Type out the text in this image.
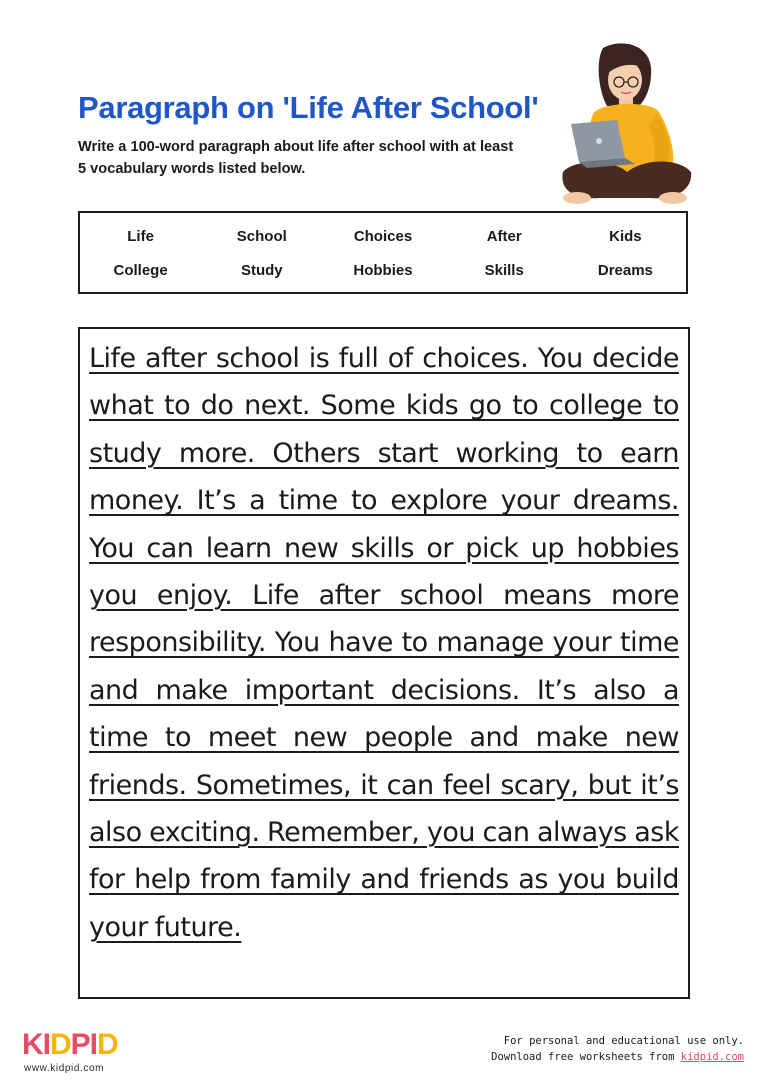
Paragraph on 'Life After School'

Write a 100-word paragraph about life after school with at least 5 vocabulary words listed below.

Life	School	Choices	After	Kids
College	Study	Hobbies	Skills	Dreams

Life after school is full of choices. You decide what to do next. Some kids go to college to study more. Others start working to earn money. It’s a time to explore your dreams. You can learn new skills or pick up hobbies you enjoy. Life after school means more responsibility. You have to manage your time and make important decisions. It’s also a time to meet new people and make new friends. Sometimes, it can feel scary, but it’s also exciting. Remember, you can always ask for help from family and friends as you build your future.

KIDPID
www.kidpid.com
For personal and educational use only.
Download free worksheets from kidpid.com
